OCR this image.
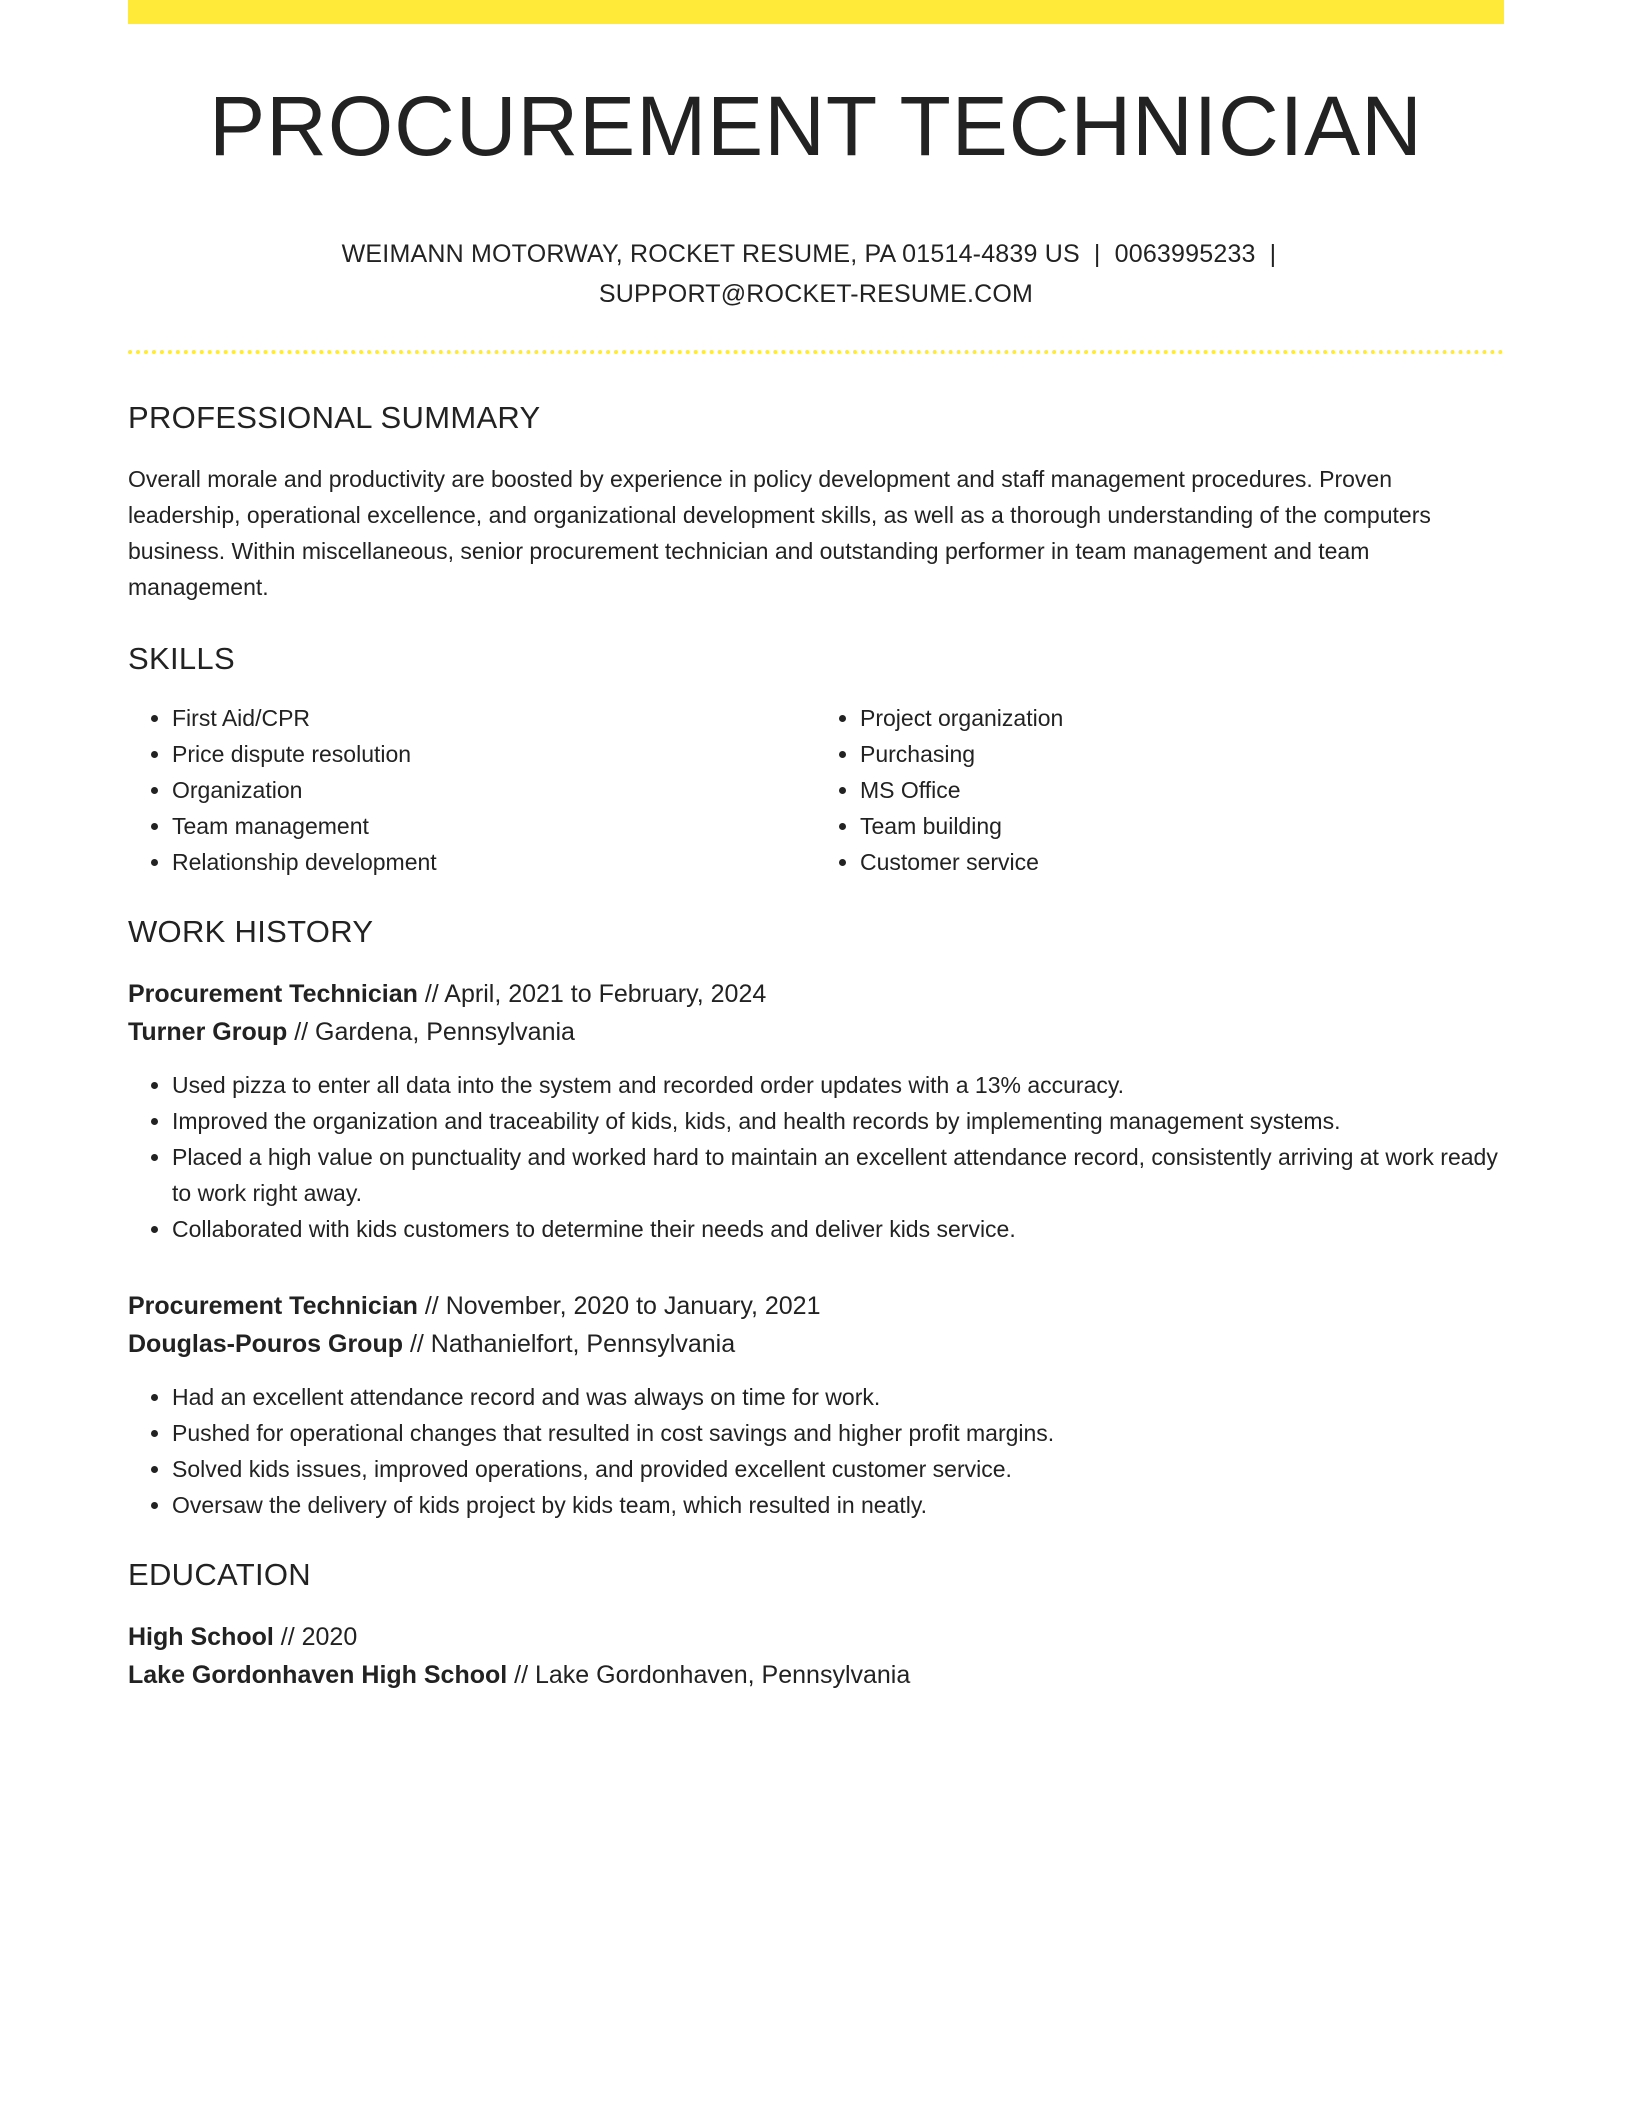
PROCUREMENT TECHNICIAN
WEIMANN MOTORWAY, ROCKET RESUME, PA 01514-4839 US | 0063995233 |
SUPPORT@ROCKET-RESUME.COM
PROFESSIONAL SUMMARY

Overall morale and productivity are boosted by experience in policy development and staff management procedures. Proven leadership, operational excellence, and organizational development skills, as well as a thorough understanding of the computers business. Within miscellaneous, senior procurement technician and outstanding performer in team management and team management.

SKILLS
• First Aid/CPR
• Price dispute resolution
• Organization
• Team management
• Relationship development
• Project organization
• Purchasing
• MS Office
• Team building
• Customer service
WORK HISTORY
Procurement Technician // April, 2021 to February, 2024
Turner Group // Gardena, Pennsylvania
• Used pizza to enter all data into the system and recorded order updates with a 13% accuracy.
• Improved the organization and traceability of kids, kids, and health records by implementing management systems.
• Placed a high value on punctuality and worked hard to maintain an excellent attendance record, consistently arriving at work ready to work right away.
• Collaborated with kids customers to determine their needs and deliver kids service.
Procurement Technician // November, 2020 to January, 2021
Douglas-Pouros Group // Nathanielfort, Pennsylvania
• Had an excellent attendance record and was always on time for work.
• Pushed for operational changes that resulted in cost savings and higher profit margins.
• Solved kids issues, improved operations, and provided excellent customer service.
• Oversaw the delivery of kids project by kids team, which resulted in neatly.
EDUCATION
High School // 2020
Lake Gordonhaven High School // Lake Gordonhaven, Pennsylvania
